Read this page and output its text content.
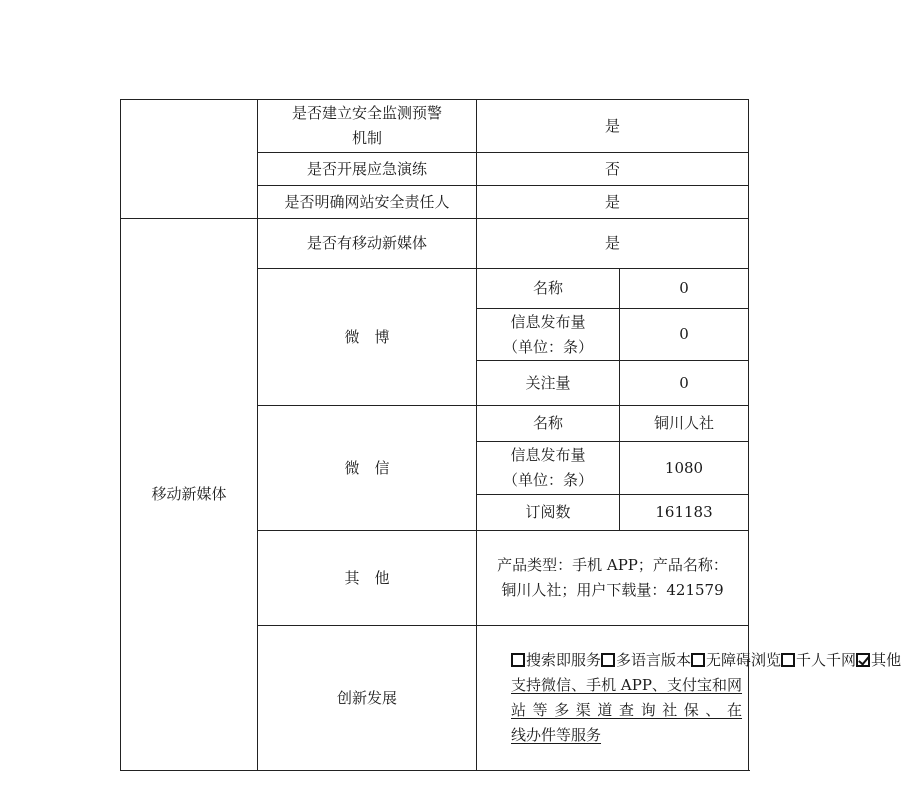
	是否建立安全监测预警
机制	是	
	是否开展应急演练	否	
	是否明确网站安全责任人	是	
移动新媒体	是否有移动新媒体	是	
	微　博	名称	0

		信息发布量
（单位：条）	0
		关注量	0
	微　信	名称	铜川人社

		信息发布量
（单位：条）	1080
		订阅数	161183
	其　他	产品类型：手机 APP；产品名称：
铜川人社；用户下载量：421579	

	创新发展	搜索即服务 多语言版本 无障碍浏览 千人千网 其他
支持微信、手机 APP、支付宝和网站等多渠道查询社保、在
线办件等服务	
